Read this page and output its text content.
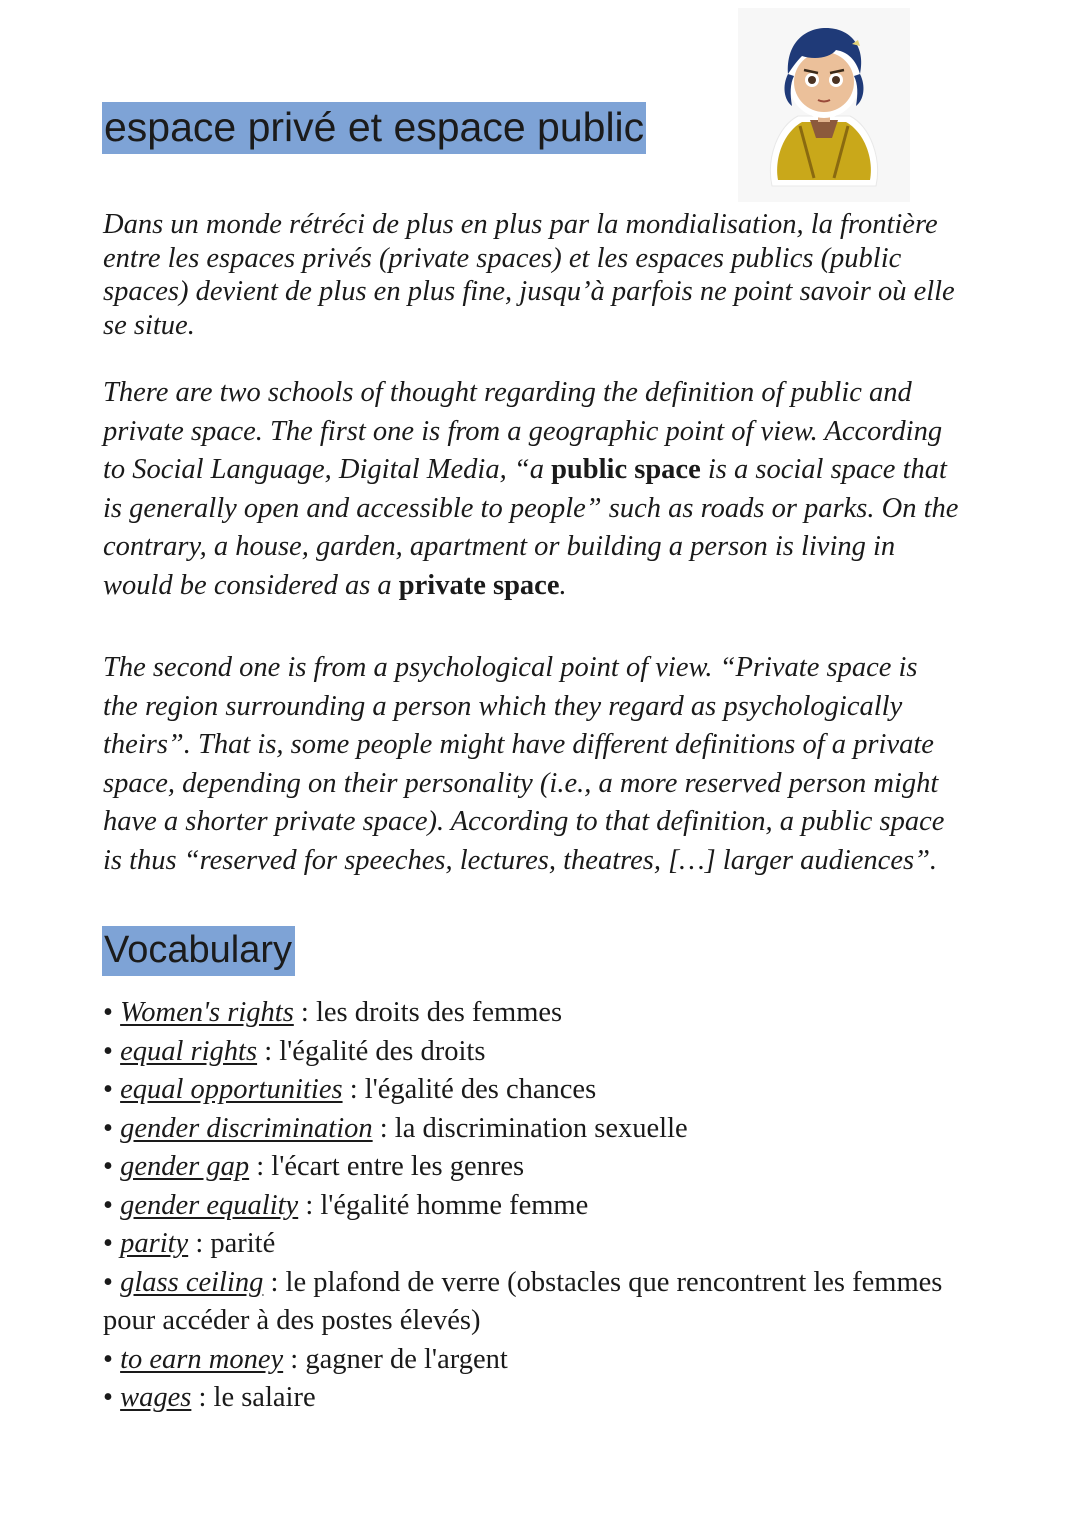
espace privé et espace public

Dans un monde rétréci de plus en plus par la mondialisation, la frontière
entre les espaces privés (private spaces) et les espaces publics (public
spaces) devient de plus en plus fine, jusqu’à parfois ne point savoir où elle
se situe.

There are two schools of thought regarding the definition of public and
private space. The first one is from a geographic point of view. According
to Social Language, Digital Media, “a public space is a social space that
is generally open and accessible to people” such as roads or parks. On the
contrary, a house, garden, apartment or building a person is living in
would be considered as a private space.

The second one is from a psychological point of view. “Private space is
the region surrounding a person which they regard as psychologically
theirs”. That is, some people might have different definitions of a private
space, depending on their personality (i.e., a more reserved person might
have a shorter private space). According to that definition, a public space
is thus “reserved for speeches, lectures, theatres, […] larger audiences”.

Vocabulary
• Women's rights : les droits des femmes
• equal rights : l'égalité des droits
• equal opportunities : l'égalité des chances
• gender discrimination : la discrimination sexuelle
• gender gap : l'écart entre les genres
• gender equality : l'égalité homme femme
• parity : parité
• glass ceiling : le plafond de verre (obstacles que rencontrent les femmes
pour accéder à des postes élevés)
• to earn money : gagner de l'argent
• wages : le salaire
